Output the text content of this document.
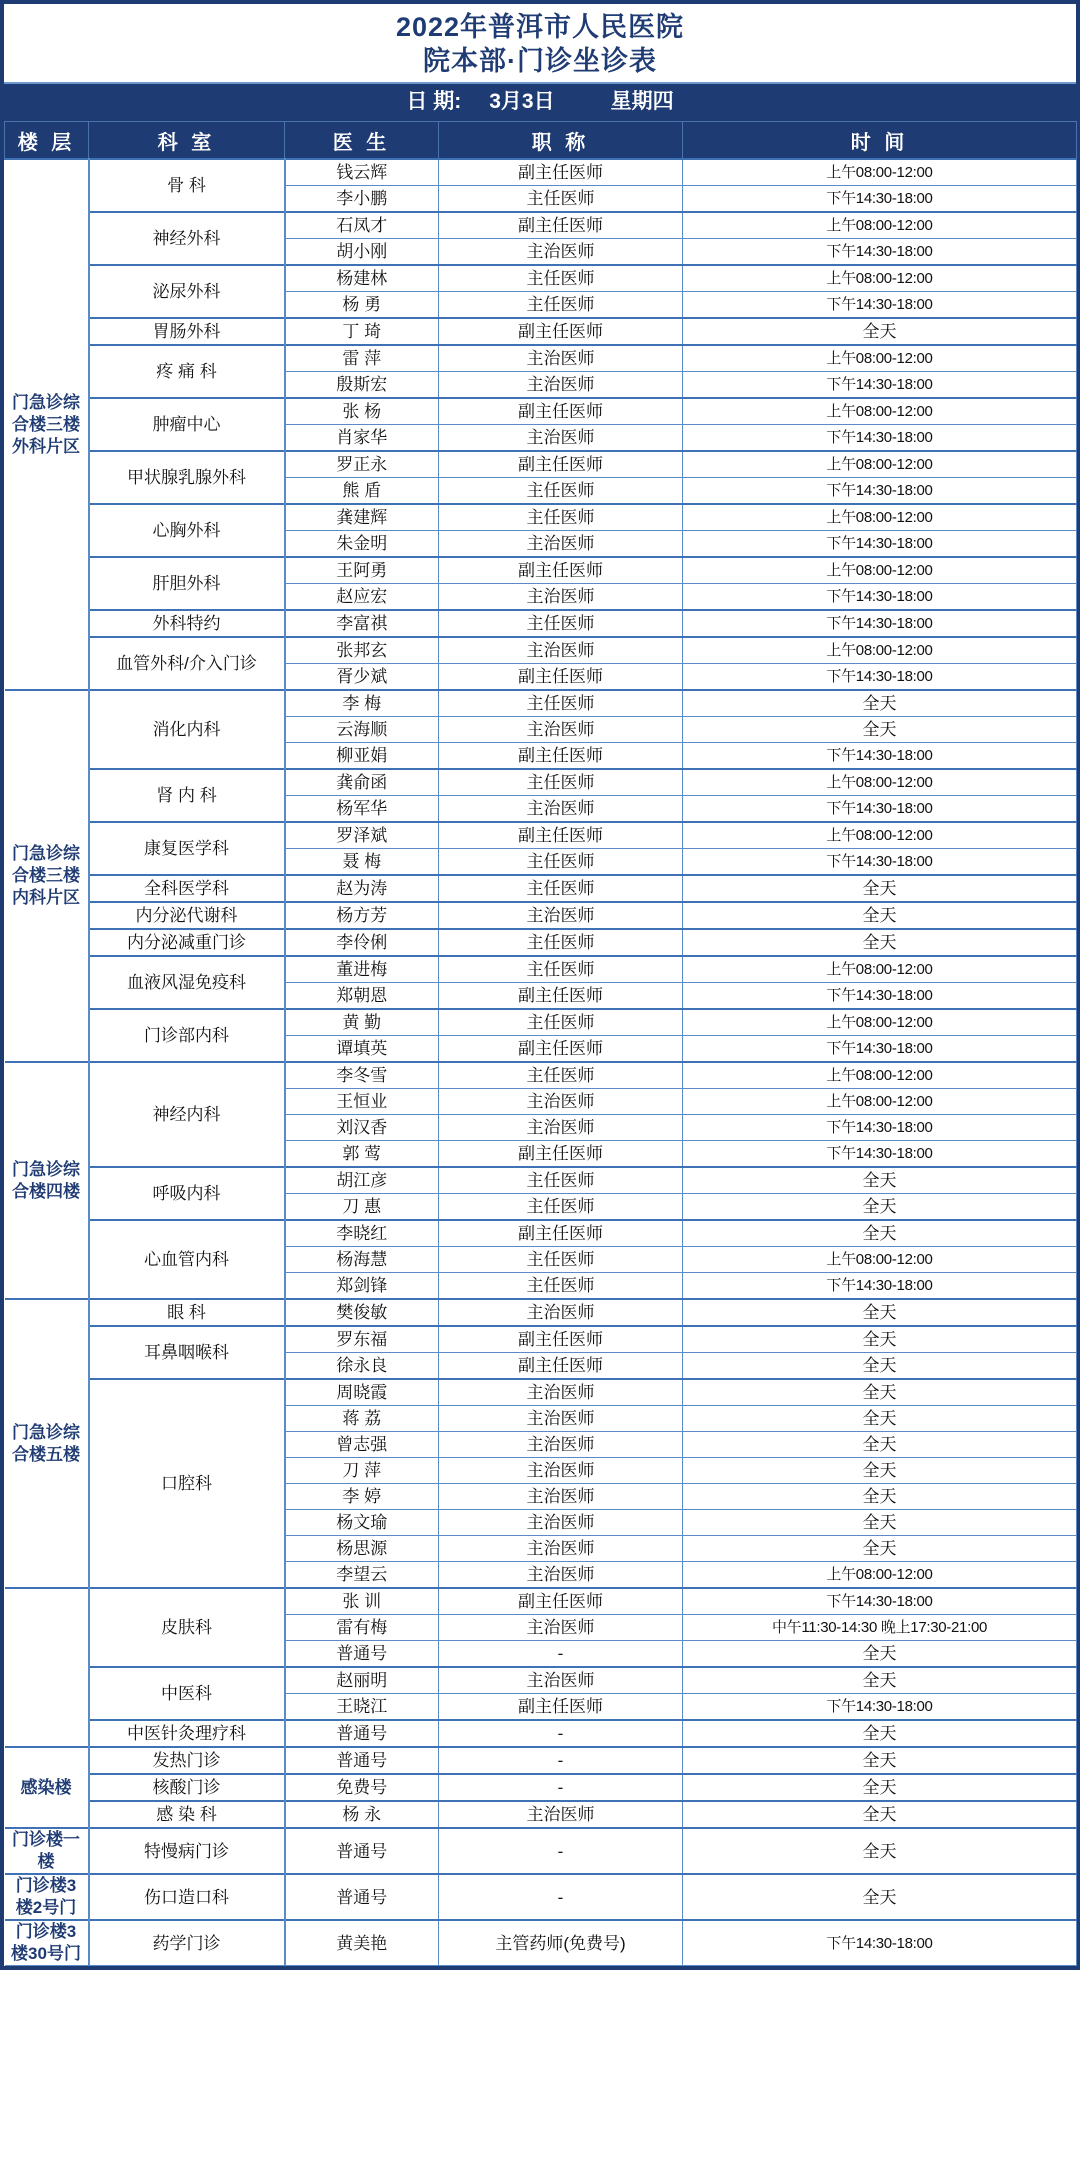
2022年普洱市人民医院
院本部·门诊坐诊表
日 期: 3月3日	星期四
楼 层	科 室	医 生	职 称	时 间
门急诊综合楼三楼外科片区	骨 科	钱云辉	副主任医师	上午08:00-12:00
		李小鹏	主任医师	下午14:30-18:00
	神经外科	石凤才	副主任医师	上午08:00-12:00
		胡小刚	主治医师	下午14:30-18:00
	泌尿外科	杨建林	主任医师	上午08:00-12:00
		杨 勇	主任医师	下午14:30-18:00
	胃肠外科	丁 琦	副主任医师	全天
	疼 痛 科	雷 萍	主治医师	上午08:00-12:00
		殷斯宏	主治医师	下午14:30-18:00
	肿瘤中心	张 杨	副主任医师	上午08:00-12:00
		肖家华	主治医师	下午14:30-18:00
	甲状腺乳腺外科	罗正永	副主任医师	上午08:00-12:00
		熊 盾	主任医师	下午14:30-18:00
	心胸外科	龚建辉	主任医师	上午08:00-12:00
		朱金明	主治医师	下午14:30-18:00
	肝胆外科	王阿勇	副主任医师	上午08:00-12:00
		赵应宏	主治医师	下午14:30-18:00
	外科特约	李富祺	主任医师	下午14:30-18:00
	血管外科/介入门诊	张邦玄	主治医师	上午08:00-12:00
		胥少斌	副主任医师	下午14:30-18:00
门急诊综合楼三楼内科片区	消化内科	李 梅	主任医师	全天
		云海顺	主治医师	全天
		柳亚娟	副主任医师	下午14:30-18:00
	肾 内 科	龚俞函	主任医师	上午08:00-12:00
		杨军华	主治医师	下午14:30-18:00
	康复医学科	罗泽斌	副主任医师	上午08:00-12:00
		聂 梅	主任医师	下午14:30-18:00
	全科医学科	赵为涛	主任医师	全天
	内分泌代谢科	杨方芳	主治医师	全天
	内分泌减重门诊	李伶俐	主任医师	全天
	血液风湿免疫科	董进梅	主任医师	上午08:00-12:00
		郑朝恩	副主任医师	下午14:30-18:00
	门诊部内科	黄 勤	主任医师	上午08:00-12:00
		谭填英	副主任医师	下午14:30-18:00
门急诊综合楼四楼	神经内科	李冬雪	主任医师	上午08:00-12:00
		王恒业	主治医师	上午08:00-12:00
		刘汉香	主治医师	下午14:30-18:00
		郭 莺	副主任医师	下午14:30-18:00
	呼吸内科	胡江彦	主任医师	全天
		刀 惠	主任医师	全天
	心血管内科	李晓红	副主任医师	全天
		杨海慧	主任医师	上午08:00-12:00
		郑剑锋	主任医师	下午14:30-18:00
门急诊综合楼五楼	眼 科	樊俊敏	主治医师	全天
	耳鼻咽喉科	罗东福	副主任医师	全天
		徐永良	副主任医师	全天
	口腔科	周晓霞	主治医师	全天
		蒋 荔	主治医师	全天
		曾志强	主治医师	全天
		刀 萍	主治医师	全天
		李 婷	主治医师	全天
		杨文瑜	主治医师	全天
		杨思源	主治医师	全天
		李望云	主治医师	上午08:00-12:00
	皮肤科	张 训	副主任医师	下午14:30-18:00
		雷有梅	主治医师	中午11:30-14:30 晚上17:30-21:00
		普通号	-	全天
	中医科	赵丽明	主治医师	全天
		王晓江	副主任医师	下午14:30-18:00
	中医针灸理疗科	普通号	-	全天
感染楼	发热门诊	普通号	-	全天
	核酸门诊	免费号	-	全天
	感 染 科	杨 永	主治医师	全天
门诊楼一楼	特慢病门诊	普通号	-	全天
门诊楼3楼2号门	伤口造口科	普通号	-	全天
门诊楼3楼30号门	药学门诊	黄美艳	主管药师(免费号)	下午14:30-18:00
